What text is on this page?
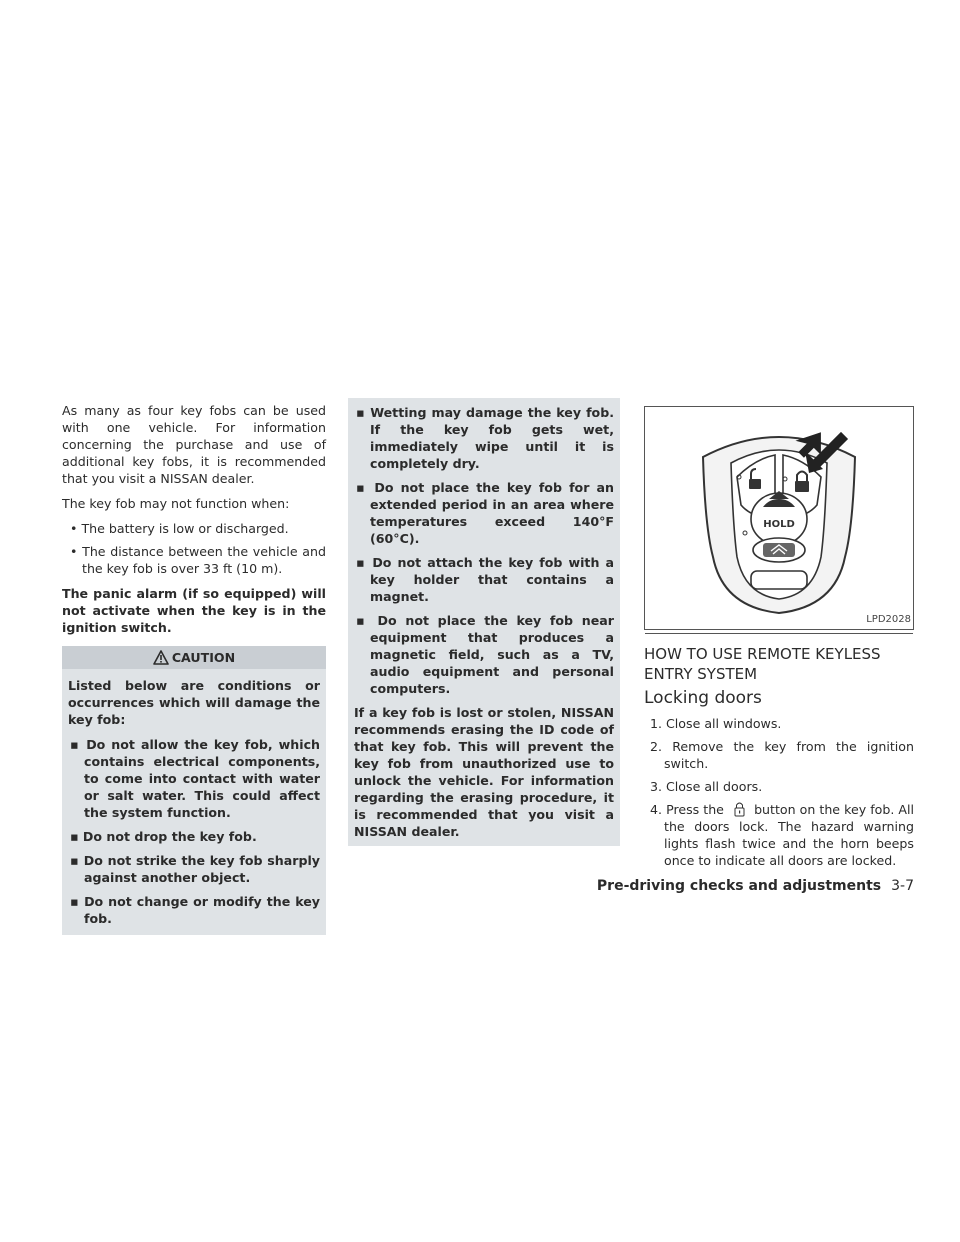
As many as four key fobs can be used with one vehicle. For information concerning the purchase and use of additional key fobs, it is recommended that you visit a NISSAN dealer.

The key fob may not function when:

• The battery is low or discharged.
• The distance between the vehicle and the key fob is over 33 ft (10 m).

The panic alarm (if so equipped) will not activate when the key is in the ignition switch.

CAUTION

Listed below are conditions or occurrences which will damage the key fob:

▪ Do not allow the key fob, which contains electrical components, to come into contact with water or salt water. This could affect the system function.
▪ Do not drop the key fob.
▪ Do not strike the key fob sharply against another object.
▪ Do not change or modify the key fob.
▪ Wetting may damage the key fob. If the key fob gets wet, immediately wipe until it is completely dry.
▪ Do not place the key fob for an extended period in an area where temperatures exceed 140°F (60°C).
▪ Do not attach the key fob with a key holder that contains a magnet.
▪ Do not place the key fob near equipment that produces a magnetic field, such as a TV, audio equipment and personal computers.

If a key fob is lost or stolen, NISSAN recommends erasing the ID code of that key fob. This will prevent the key fob from unauthorized use to unlock the vehicle. For information regarding the erasing procedure, it is recommended that you visit a NISSAN dealer.

HOLD
LPD2028
HOW TO USE REMOTE KEYLESS ENTRY SYSTEM
Locking doors
1. Close all windows.
2. Remove the key from the ignition switch.
3. Close all doors.
4. Press the button on the key fob. All the doors lock. The hazard warning lights flash twice and the horn beeps once to indicate all doors are locked.
Pre-driving checks and adjustments 3-7
